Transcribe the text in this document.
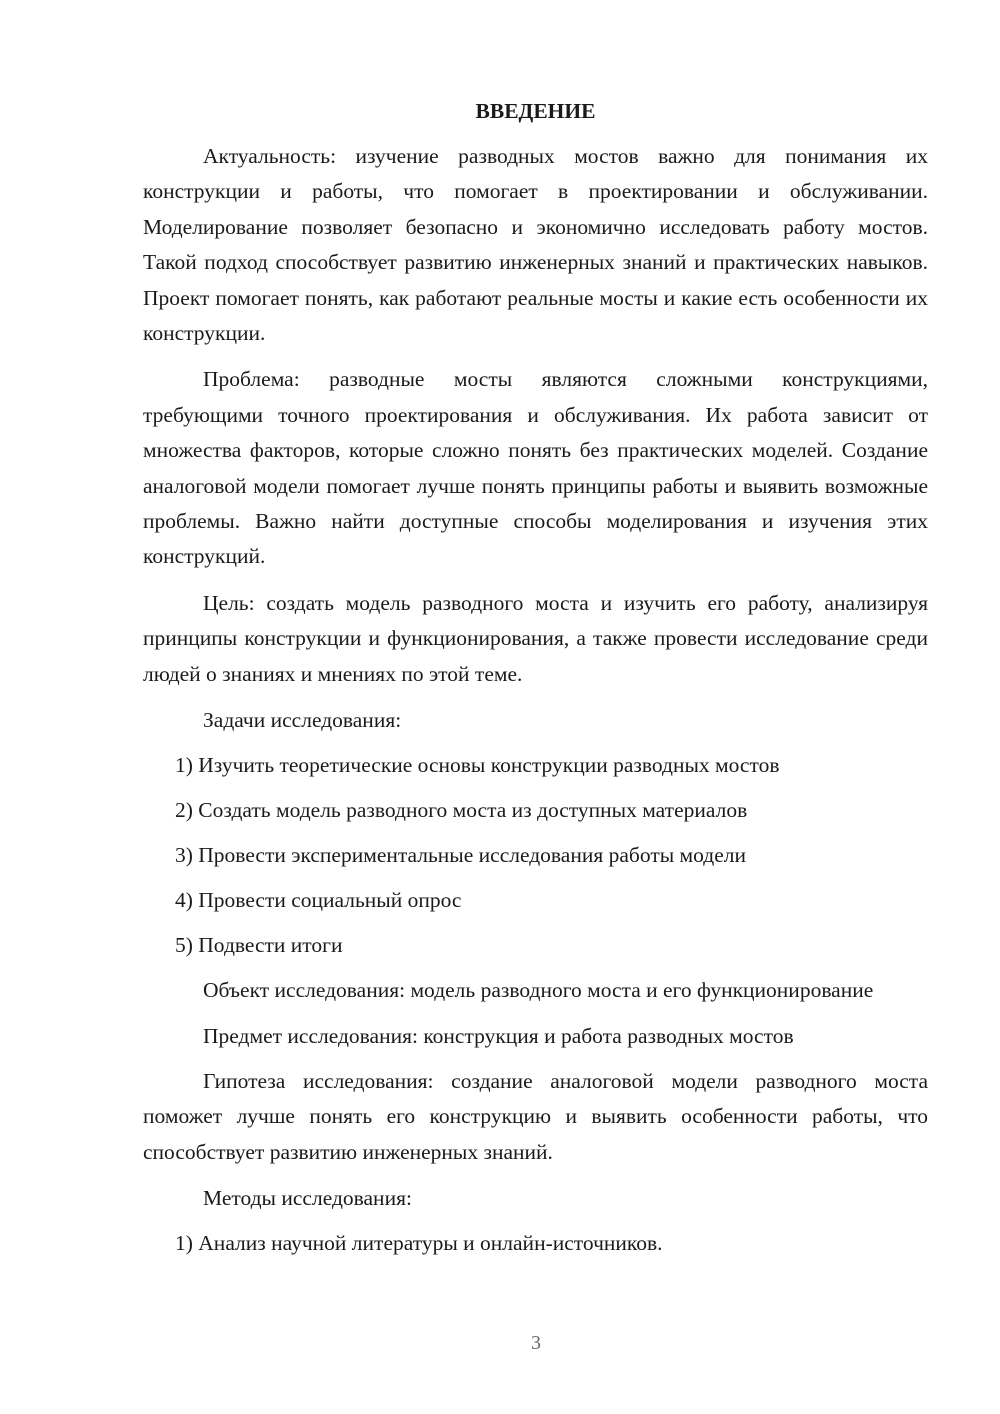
ВВЕДЕНИЕ

Актуальность: изучение разводных мостов важно для понимания их конструкции и работы, что помогает в проектировании и обслуживании. Моделирование позволяет безопасно и экономично исследовать работу мостов. Такой подход способствует развитию инженерных знаний и практических навыков. Проект помогает понять, как работают реальные мосты и какие есть особенности их конструкции.

Проблема: разводные мосты являются сложными конструкциями, требующими точного проектирования и обслуживания. Их работа зависит от множества факторов, которые сложно понять без практических моделей. Создание аналоговой модели помогает лучше понять принципы работы и выявить возможные проблемы. Важно найти доступные способы моделирования и изучения этих конструкций.

Цель: создать модель разводного моста и изучить его работу, анализируя принципы конструкции и функционирования, а также провести исследование среди людей о знаниях и мнениях по этой теме.

Задачи исследования:

1) Изучить теоретические основы конструкции разводных мостов

2) Создать модель разводного моста из доступных материалов

3) Провести экспериментальные исследования работы модели

4) Провести социальный опрос

5) Подвести итоги

Объект исследования: модель разводного моста и его функционирование

Предмет исследования: конструкция и работа разводных мостов

Гипотеза исследования: создание аналоговой модели разводного моста поможет лучше понять его конструкцию и выявить особенности работы, что способствует развитию инженерных знаний.

Методы исследования:

1) Анализ научной литературы и онлайн-источников.

3
